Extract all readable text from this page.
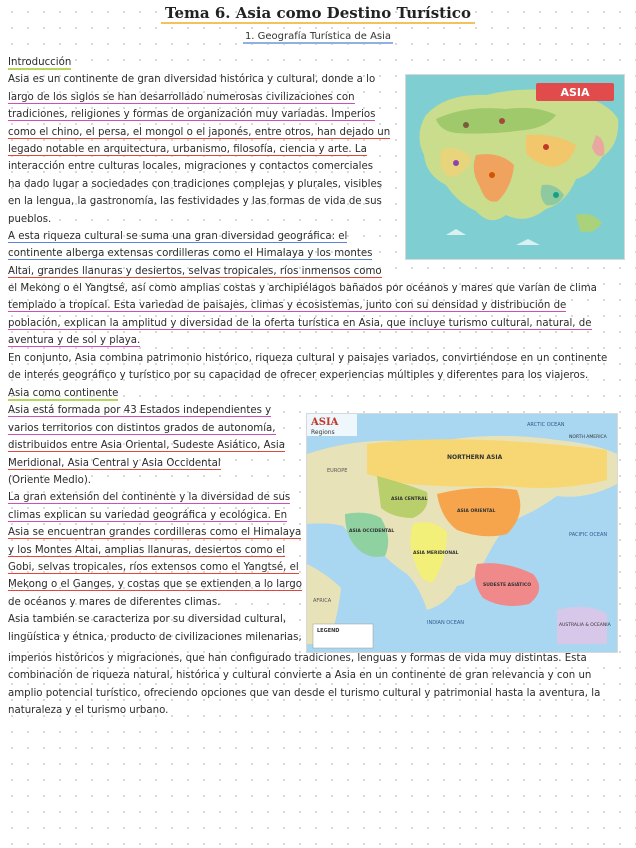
Tema 6. Asia como Destino Turístico
1. Geografía Turística de Asia
Introducción
Asia es un continente de gran diversidad histórica y cultural, donde a lo
largo de los siglos se han desarrollado numerosas civilizaciones con
tradiciones, religiones y formas de organización muy variadas. Imperios
como el chino, el persa, el mongol o el japonés, entre otros, han dejado un
legado notable en arquitectura, urbanismo, filosofía, ciencia y arte. La
interacción entre culturas locales, migraciones y contactos comerciales
ha dado lugar a sociedades con tradiciones complejas y plurales, visibles
en la lengua, la gastronomía, las festividades y las formas de vida de sus
pueblos.
A esta riqueza cultural se suma una gran diversidad geográfica: el
continente alberga extensas cordilleras como el Himalaya y los montes
Altai, grandes llanuras y desiertos, selvas tropicales, ríos inmensos como
el Mekong o el Yangtsé, así como amplias costas y archipiélagos bañados por océanos y mares que varían de clima
templado a tropical. Esta variedad de paisajes, climas y ecosistemas, junto con su densidad y distribución de
población, explican la amplitud y diversidad de la oferta turística en Asia, que incluye turismo cultural, natural, de
aventura y de sol y playa.
En conjunto, Asia combina patrimonio histórico, riqueza cultural y paisajes variados, convirtiéndose en un continente
de interés geográfico y turístico por su capacidad de ofrecer experiencias múltiples y diferentes para los viajeros.
Asia como continente
Asia está formada por 43 Estados independientes y
varios territorios con distintos grados de autonomía,
distribuidos entre Asia Oriental, Sudeste Asiático, Asia
Meridional, Asia Central y Asia Occidental
(Oriente Medio).
La gran extensión del continente y la diversidad de sus
climas explican su variedad geográfica y ecológica. En
Asia se encuentran grandes cordilleras como el Himalaya
y los Montes Altai, amplias llanuras, desiertos como el
Gobi, selvas tropicales, ríos extensos como el Yangtsé, el
Mekong o el Ganges, y costas que se extienden a lo largo
de océanos y mares de diferentes climas.
Asia también se caracteriza por su diversidad cultural,
lingüística y étnica, producto de civilizaciones milenarias,
imperios históricos y migraciones, que han configurado tradiciones, lenguas y formas de vida muy distintas. Esta
combinación de riqueza natural, histórica y cultural convierte a Asia en un continente de gran relevancia y con un
amplio potencial turístico, ofreciendo opciones que van desde el turismo cultural y patrimonial hasta la aventura, la
naturaleza y el turismo urbano.
ASIA
ASIA
Regions
NORTHERN ASIA
ASIA CENTRAL
ASIA OCCIDENTAL
ASIA MERIDIONAL
ASIA ORIENTAL
SUDESTE ASIÁTICO
EUROPE
AFRICA
ARCTIC OCEAN
PACIFIC OCEAN
INDIAN OCEAN
NORTH AMERICA
AUSTRALIA & OCEANIA
LEGEND
